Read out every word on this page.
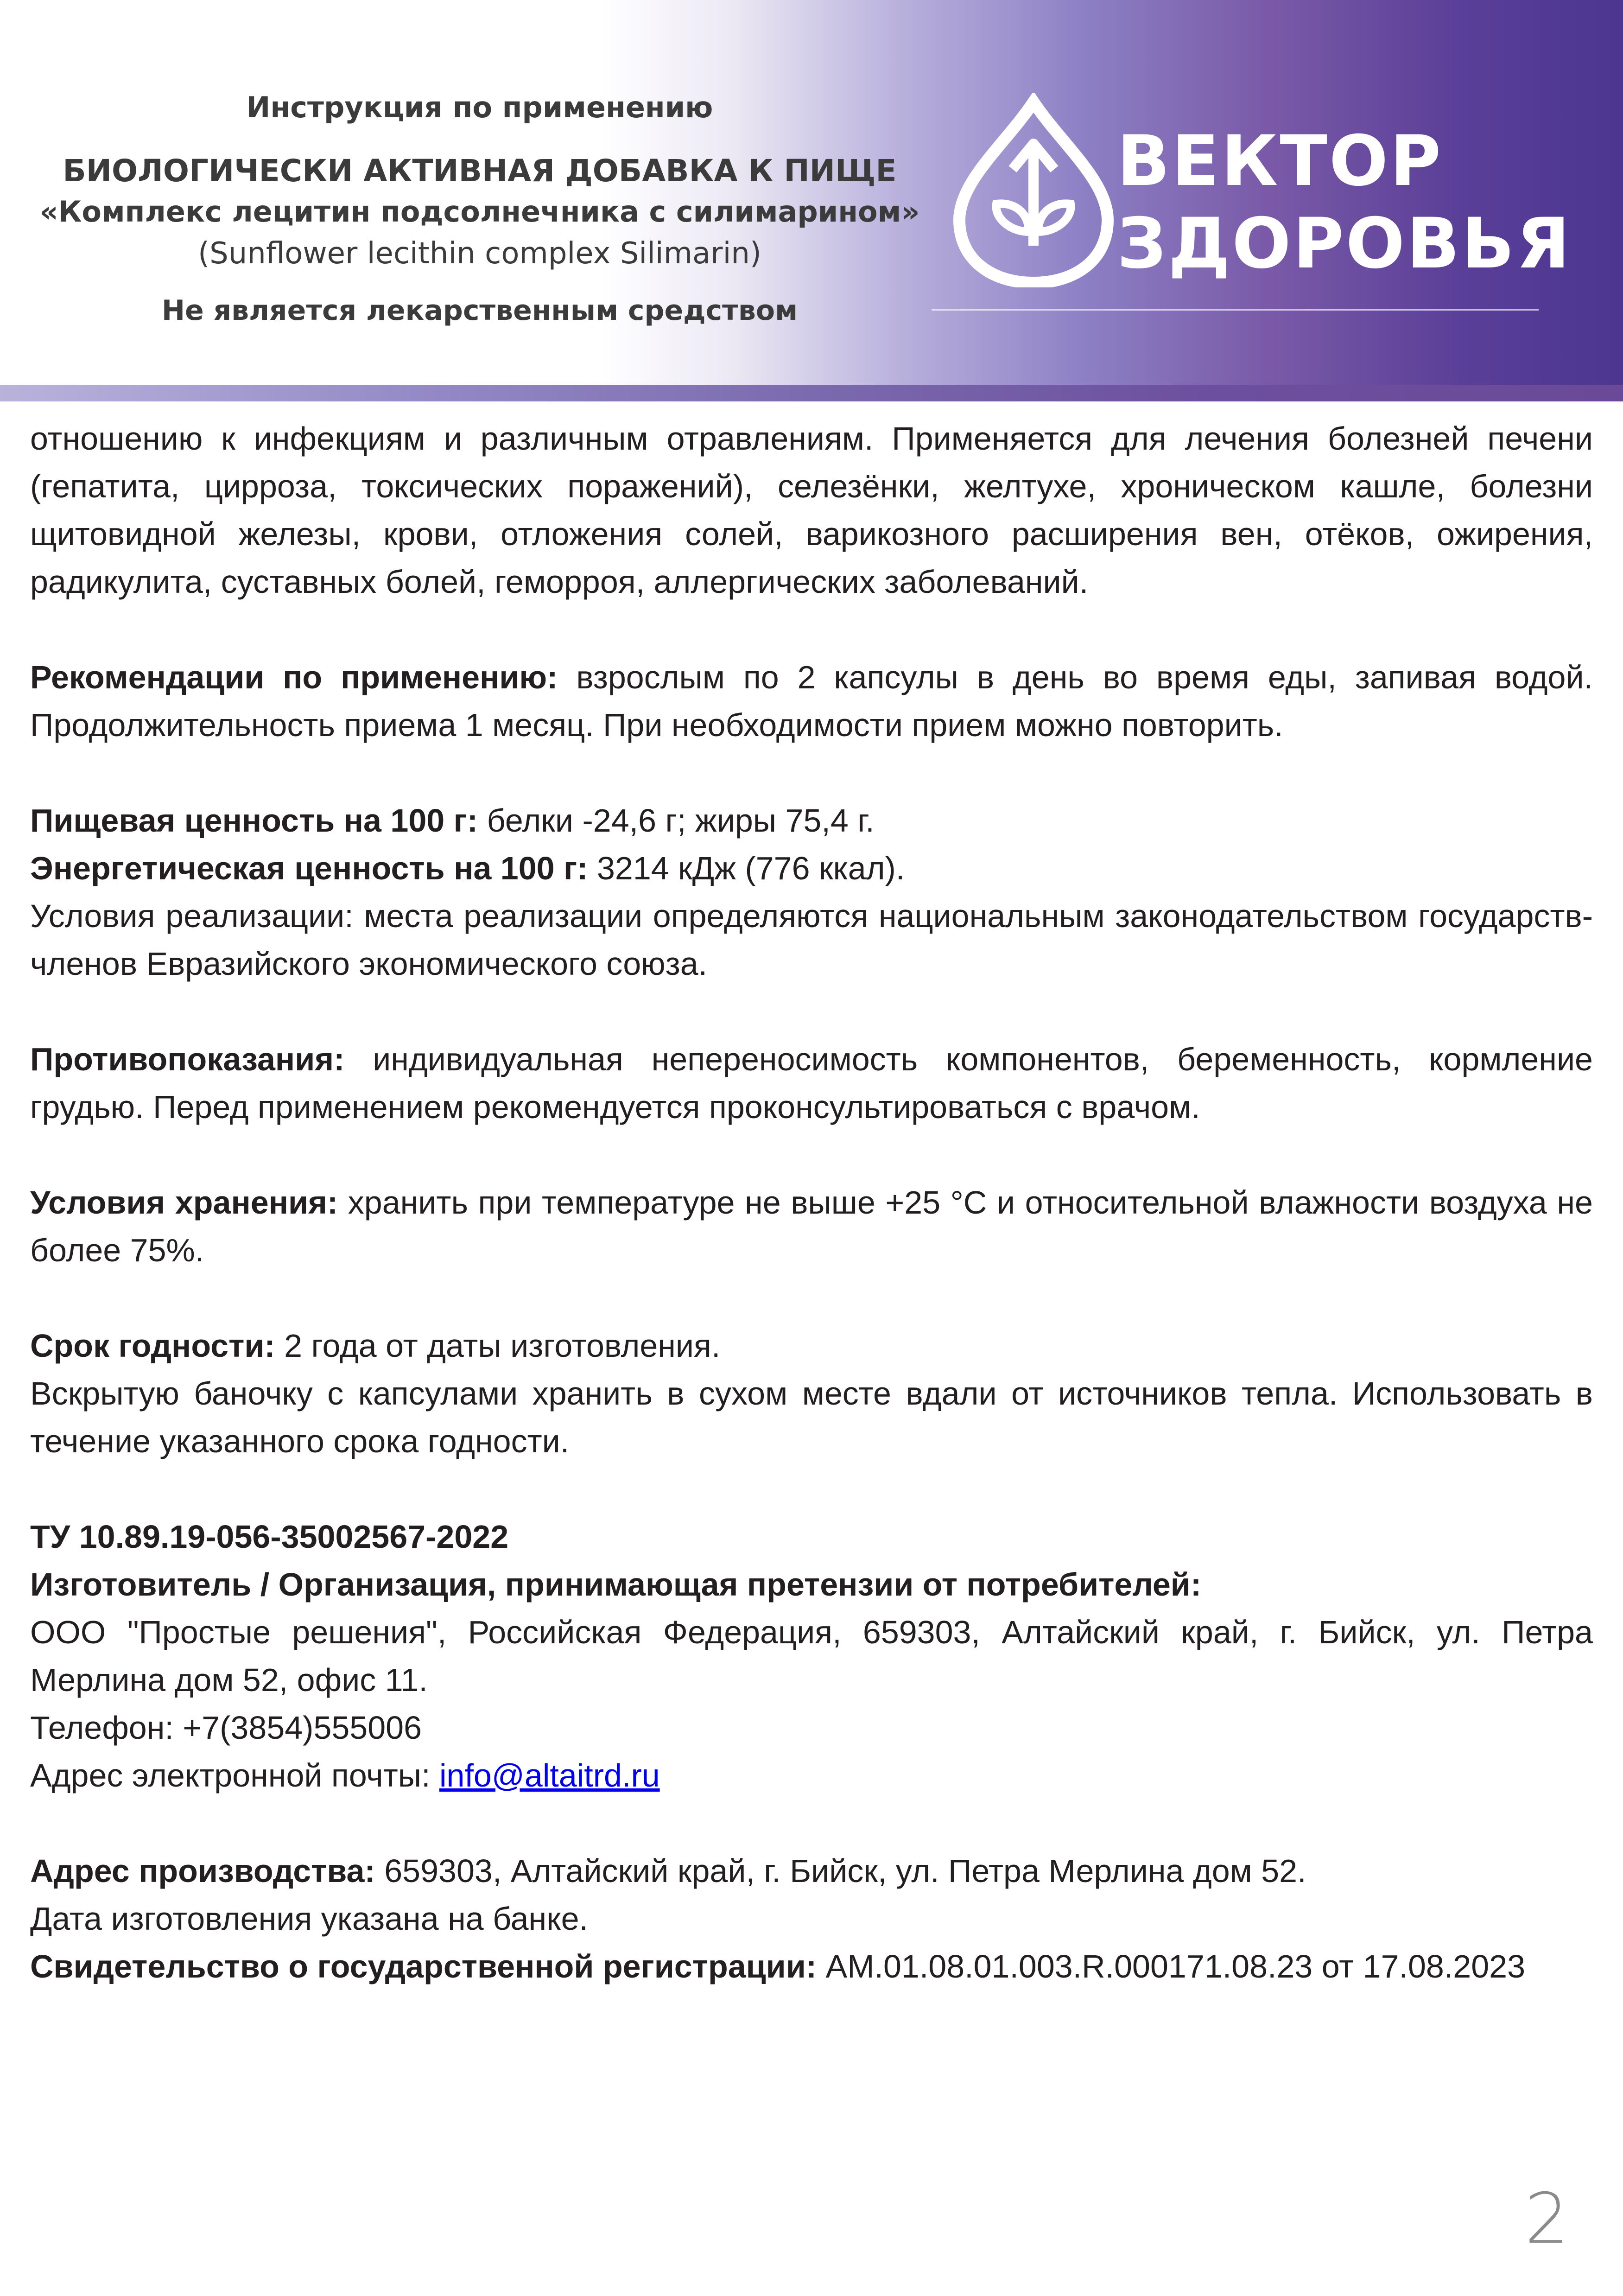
Инструкция по применению
БИОЛОГИЧЕСКИ АКТИВНАЯ ДОБАВКА К ПИЩЕ
«Комплекс лецитин подсолнечника с силимарином»
(Sunflower lecithin complex Silimarin)
Не является лекарственным средством
ВЕКТОР
ЗДОРОВЬЯ

отношению к инфекциям и различным отравлениям. Применяется для лечения болезней печени (гепатита, цирроза, токсических поражений), селезёнки, желтухе, хроническом кашле, болезни щитовидной железы, крови, отложения солей, варикозного расширения вен, отёков, ожирения, радикулита, суставных болей, геморроя, аллергических заболеваний.

Рекомендации по применению: взрослым по 2 капсулы в день во время еды, запивая водой. Продолжительность приема 1 месяц. При необходимости прием можно повторить.

Пищевая ценность на 100 г: белки -24,6 г; жиры 75,4 г.

Энергетическая ценность на 100 г: 3214 кДж (776 ккал).

Условия реализации: места реализации определяются национальным законодательством государств-членов Евразийского экономического союза.

Противопоказания: индивидуальная непереносимость компонентов, беременность, кормление грудью. Перед применением рекомендуется проконсультироваться с врачом.

Условия хранения: хранить при температуре не выше +25 °С и относительной влажности воздуха не более 75%.

Срок годности: 2 года от даты изготовления.

Вскрытую баночку с капсулами хранить в сухом месте вдали от источников тепла. Использовать в течение указанного срока годности.

ТУ 10.89.19-056-35002567-2022

Изготовитель / Организация, принимающая претензии от потребителей:

ООО "Простые решения", Российская Федерация, 659303, Алтайский край, г. Бийск, ул. Петра Мерлина дом 52, офис 11.

Телефон: +7(3854)555006

Адрес электронной почты: info@altaitrd.ru

Адрес производства: 659303, Алтайский край, г. Бийск, ул. Петра Мерлина дом 52.

Дата изготовления указана на банке.

Свидетельство о государственной регистрации: AM.01.08.01.003.R.000171.08.23 от 17.08.2023

2
